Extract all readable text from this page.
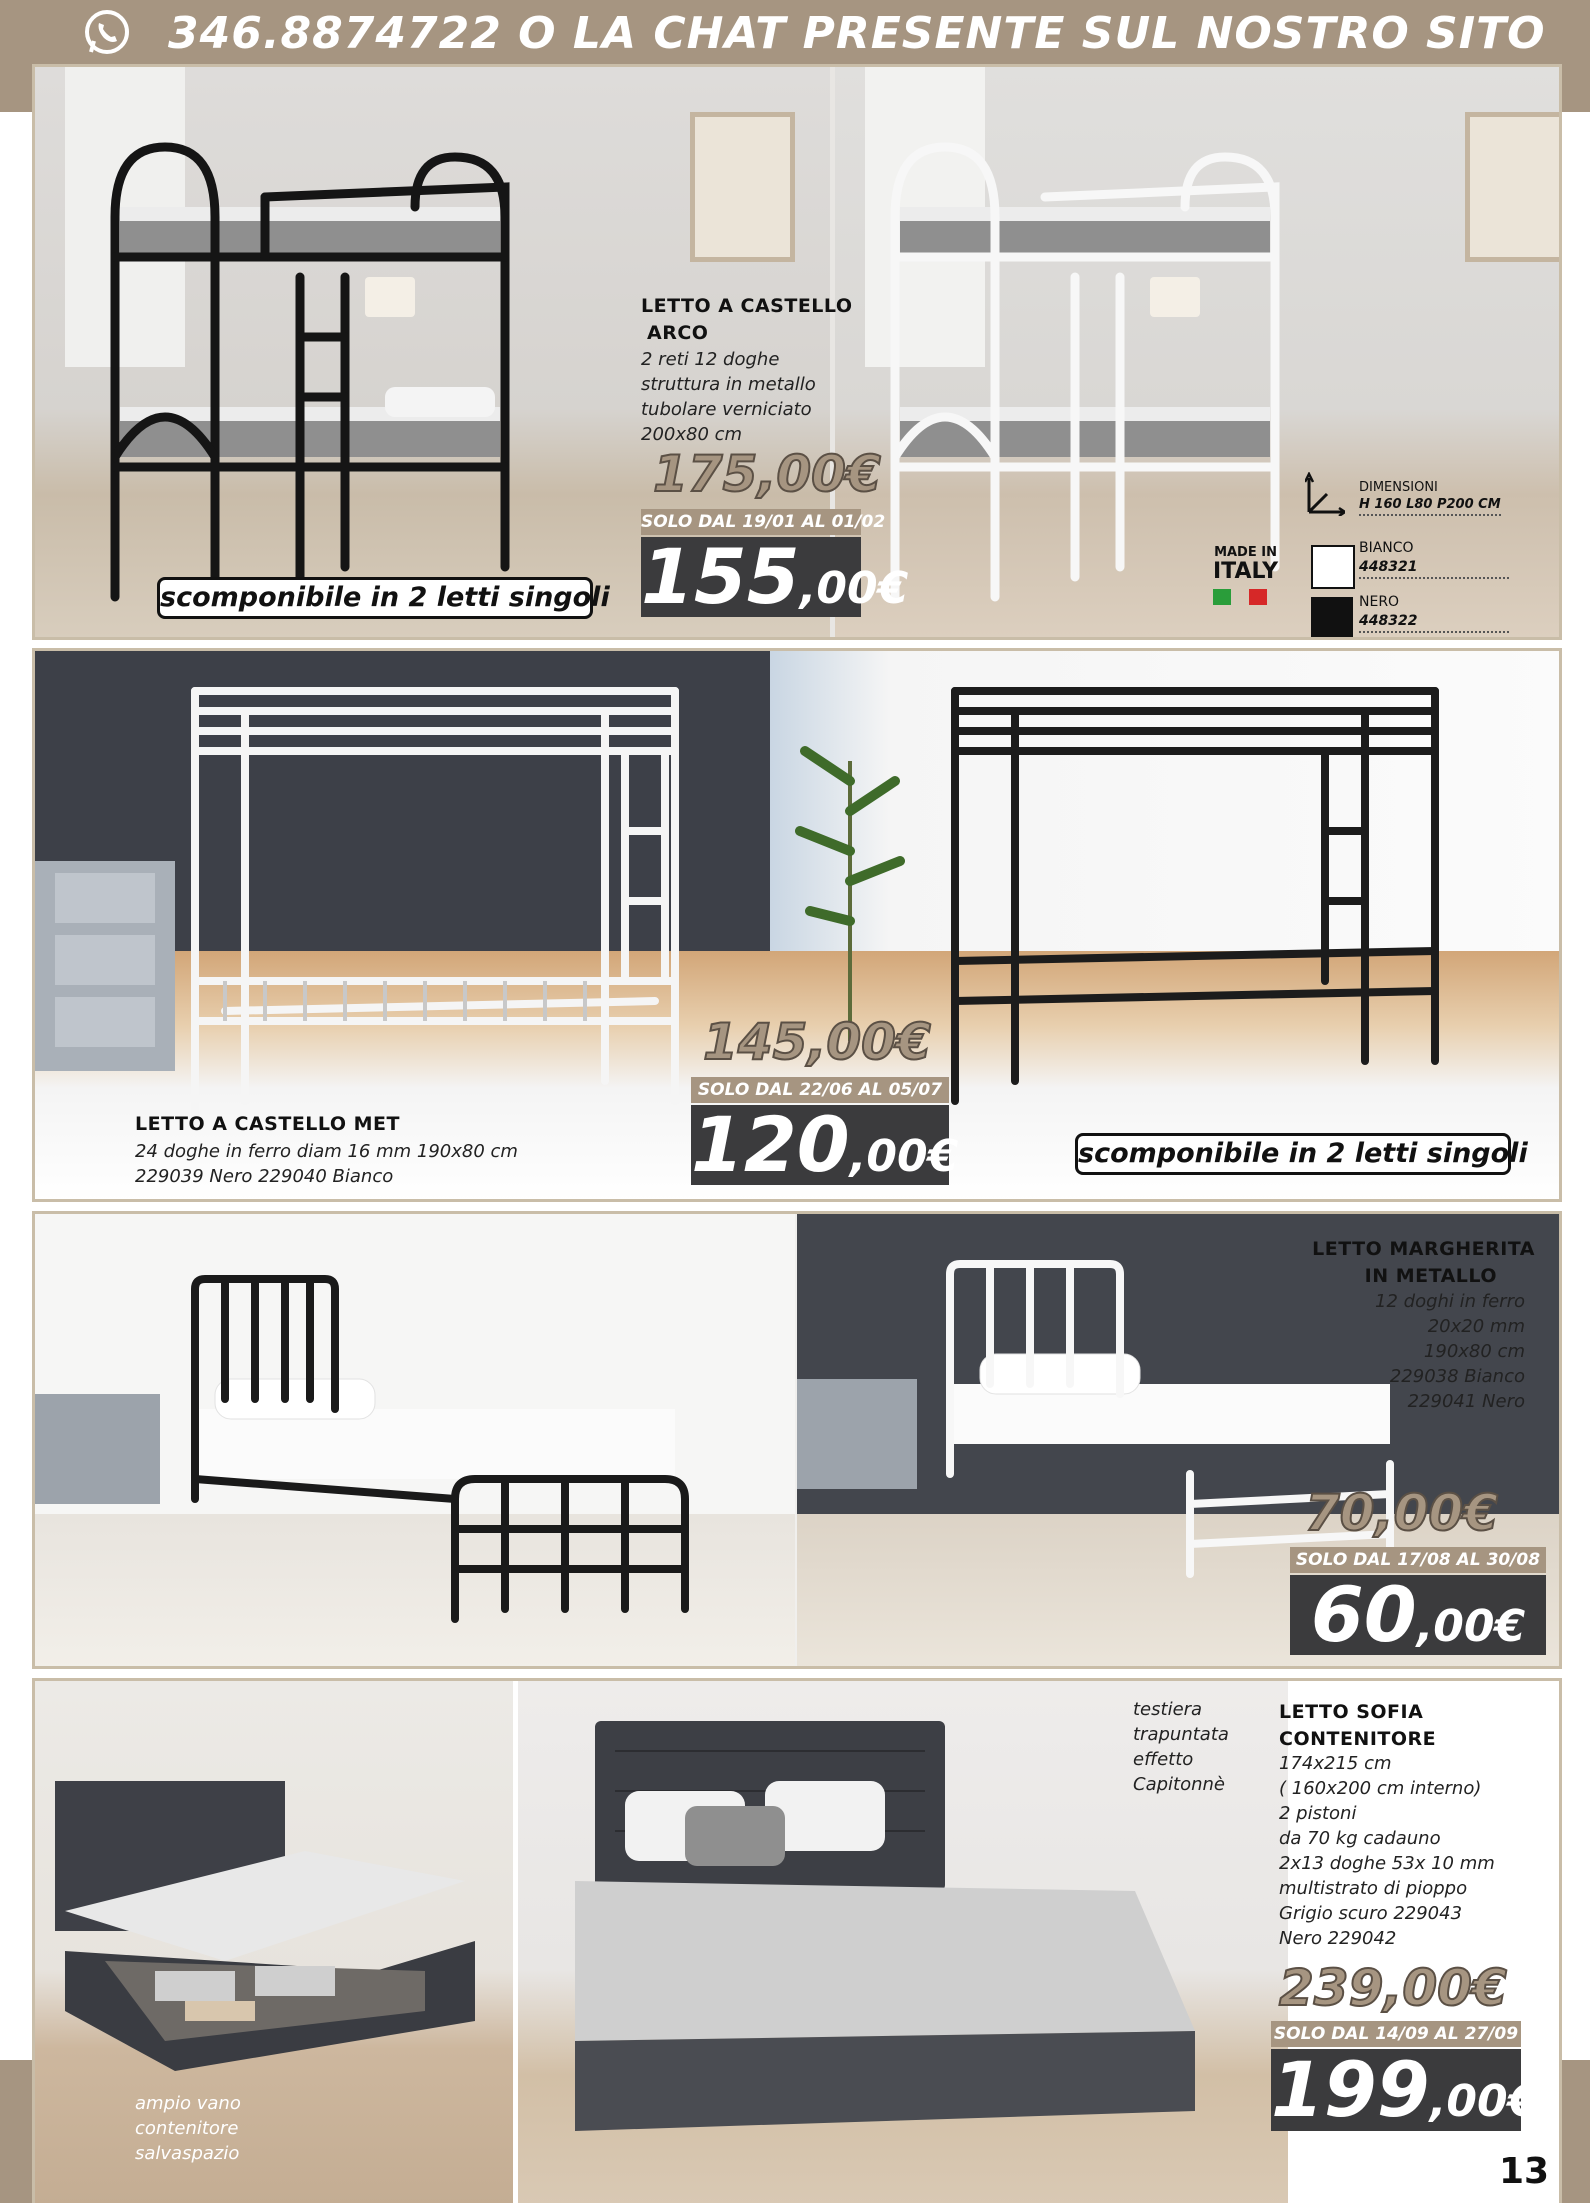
346.8874722 O LA CHAT PRESENTE SUL NOSTRO SITO
LETTO A CASTELLO
ARCO
2 reti 12 doghe
struttura in metallo
tubolare verniciato
200x80 cm
175,00€
SOLO DAL 19/01 AL 01/02
155,00€
scomponibile in 2 letti singoli
DIMENSIONI
H 160 L80 P200 CM
MADE IN
ITALY
BIANCO
448321
NERO
448322
LETTO A CASTELLO MET
24 doghe in ferro diam 16 mm 190x80 cm
229039 Nero 229040 Bianco
145,00€
SOLO DAL 22/06 AL 05/07
120,00€	scomponibile in 2 letti singoli
LETTO MARGHERITA
IN METALLO
12 doghi in ferro
20x20 mm
190x80 cm
229038 Bianco
229041 Nero
70,00€
SOLO DAL 17/08 AL 30/08
60,00€
ampio vano
contenitore
salvaspazio
testiera
trapuntata
effetto
Capitonnè
LETTO SOFIA
CONTENITORE
174x215 cm
( 160x200 cm interno)
2 pistoni
da 70 kg cadauno
2x13 doghe 53x 10 mm
multistrato di pioppo
Grigio scuro 229043
Nero 229042
239,00€
SOLO DAL 14/09 AL 27/09
199,00€
13
